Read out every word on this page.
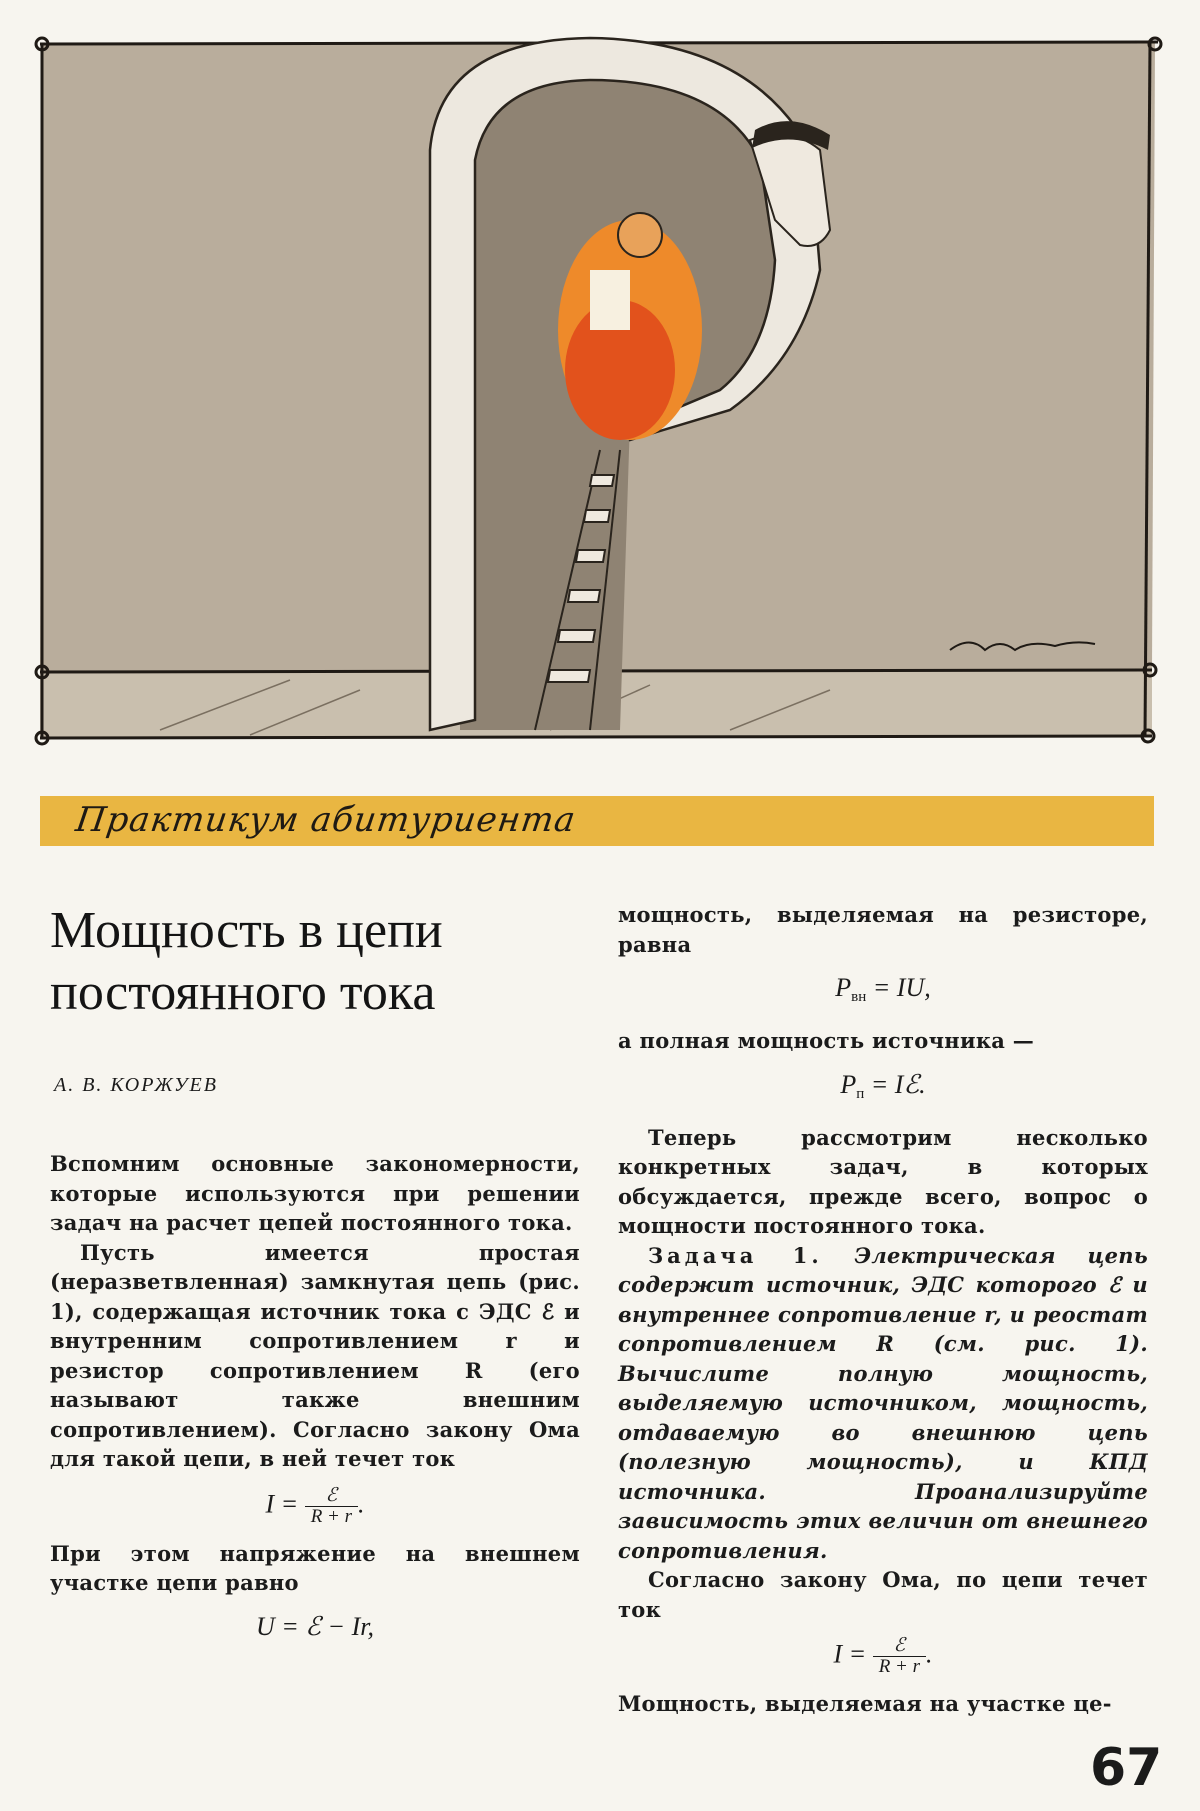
Практикум абитуриента
Мощность в цепи
постоянного тока
А. В. КОРЖУЕВ

Вспомним основные закономерности, которые используются при решении задач на расчет цепей постоянного тока.

Пусть имеется простая (неразветвленная) замкнутая цепь (рис. 1), содержащая источник тока с ЭДС ℰ и внутренним сопротивлением r и резистор сопротивлением R (его называют также внешним сопротивлением). Согласно закону Ома для такой цепи, в ней течет ток

$I = \frac{\text{ℰ}}{R + r}$ .

При этом напряжение на внешнем участке цепи равно

U = ℰ − Ir,

мощность, выделяемая на резисторе, равна

$P_{вн}$ = IU,

а полная мощность источника —

$P_п$ = Iℰ.

Теперь рассмотрим несколько конкретных задач, в которых обсуждается, прежде всего, вопрос о мощности постоянного тока.

Задача 1. Электрическая цепь содержит источник, ЭДС которого ℰ и внутреннее сопротивление r, и реостат сопротивлением R (см. рис. 1). Вычислите полную мощность, выделяемую источником, мощность, отдаваемую во внешнюю цепь (полезную мощность), и КПД источника. Проанализируйте зависимость этих величин от внешнего сопротивления.

Согласно закону Ома, по цепи течет ток

$I = \frac{\text{ℰ}}{R + r}$ .

Мощность, выделяемая на участке це-

67
